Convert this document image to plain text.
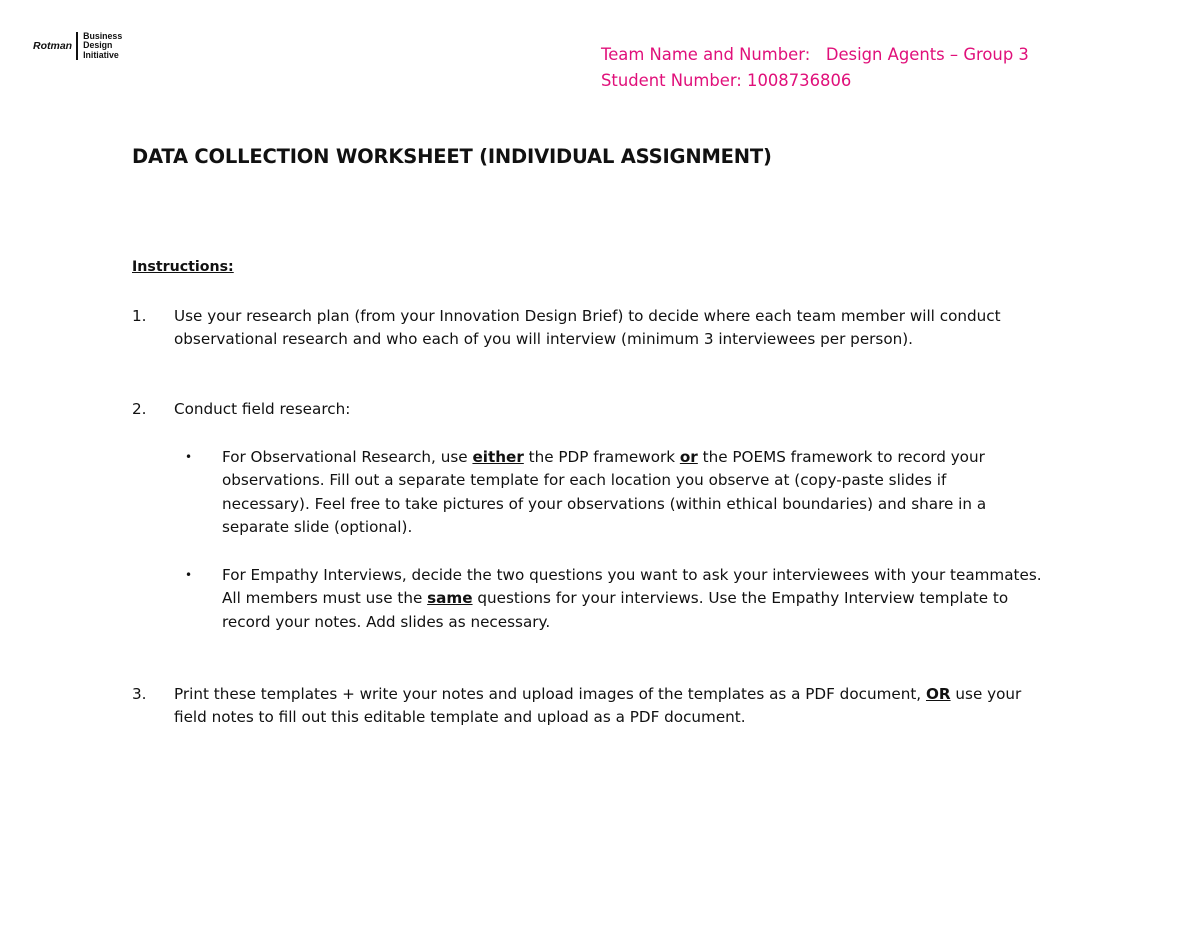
Rotman
Business
Design
Initiative	Team Name and Number:   Design Agents – Group 3
Student Number: 1008736806
DATA COLLECTION WORKSHEET (INDIVIDUAL ASSIGNMENT)
Instructions:
1. Use your research plan (from your Innovation Design Brief) to decide where each team member will conduct observational research and who each of you will interview (minimum 3 interviewees per person).
2. Conduct field research:
• For Observational Research, use either the PDP framework or the POEMS framework to record your observations. Fill out a separate template for each location you observe at (copy-paste slides if necessary). Feel free to take pictures of your observations (within ethical boundaries) and share in a separate slide (optional).
• For Empathy Interviews, decide the two questions you want to ask your interviewees with your teammates. All members must use the same questions for your interviews. Use the Empathy Interview template to record your notes. Add slides as necessary.
3. Print these templates + write your notes and upload images of the templates as a PDF document, OR use your field notes to fill out this editable template and upload as a PDF document.
